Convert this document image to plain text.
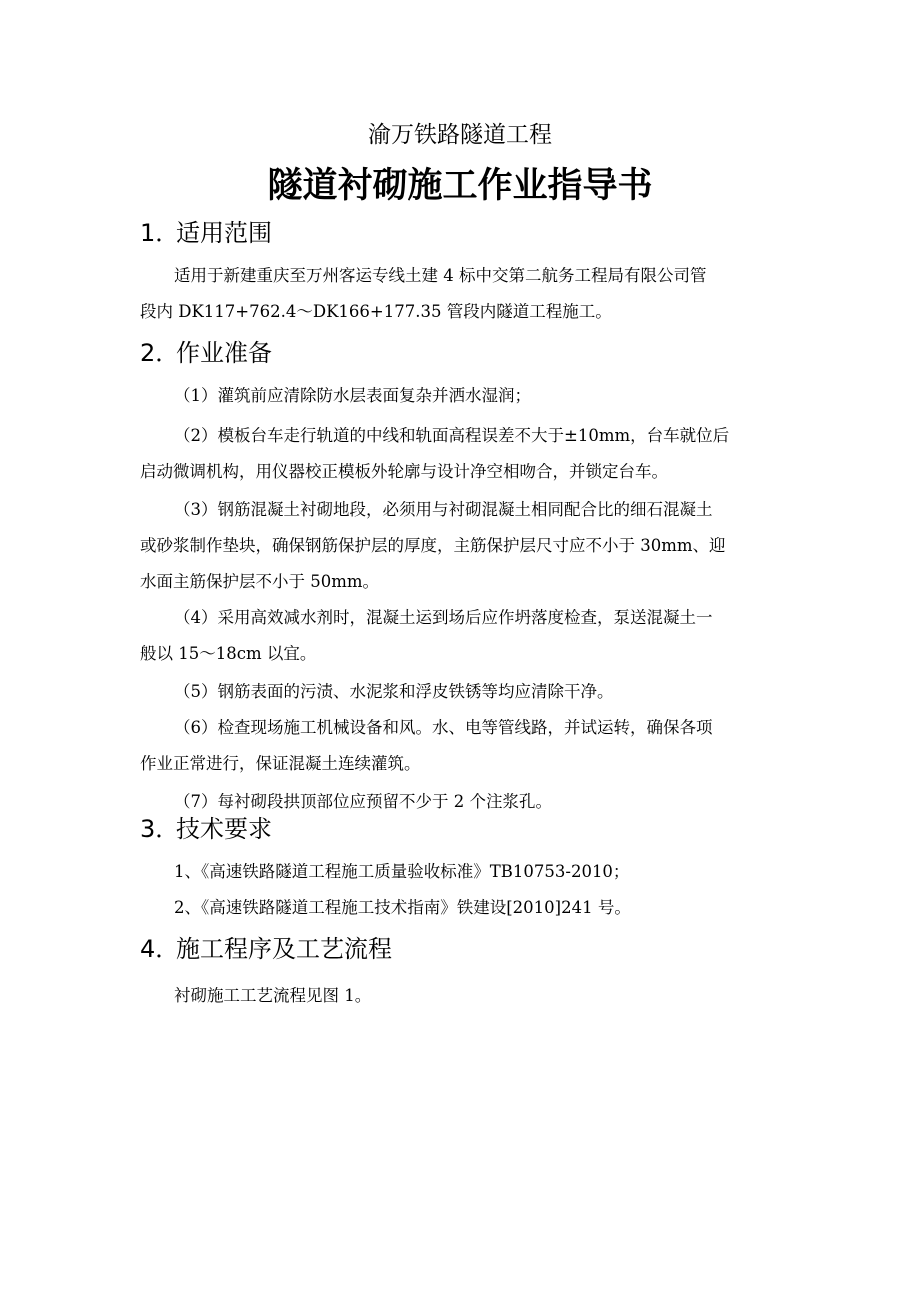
渝万铁路隧道工程
隧道衬砌施工作业指导书
1．适用范围
适用于新建重庆至万州客运专线土建 4 标中交第二航务工程局有限公司管
段内 DK117+762.4～DK166+177.35 管段内隧道工程施工。
2．作业准备
（1）灌筑前应清除防水层表面复杂并洒水湿润；
（2）模板台车走行轨道的中线和轨面高程误差不大于±10mm，台车就位后
启动微调机构，用仪器校正模板外轮廓与设计净空相吻合，并锁定台车。
（3）钢筋混凝土衬砌地段，必须用与衬砌混凝土相同配合比的细石混凝土
或砂浆制作垫块，确保钢筋保护层的厚度，主筋保护层尺寸应不小于 30mm、迎
水面主筋保护层不小于 50mm。
（4）采用高效减水剂时，混凝土运到场后应作坍落度检查，泵送混凝土一
般以 15～18cm 以宜。
（5）钢筋表面的污渍、水泥浆和浮皮铁锈等均应清除干净。
（6）检查现场施工机械设备和风。水、电等管线路，并试运转，确保各项
作业正常进行，保证混凝土连续灌筑。
（7）每衬砌段拱顶部位应预留不少于 2 个注浆孔。
3．技术要求
1、《高速铁路隧道工程施工质量验收标准》TB10753-2010；
2、《高速铁路隧道工程施工技术指南》铁建设[2010]241 号。
4．施工程序及工艺流程
衬砌施工工艺流程见图 1。
